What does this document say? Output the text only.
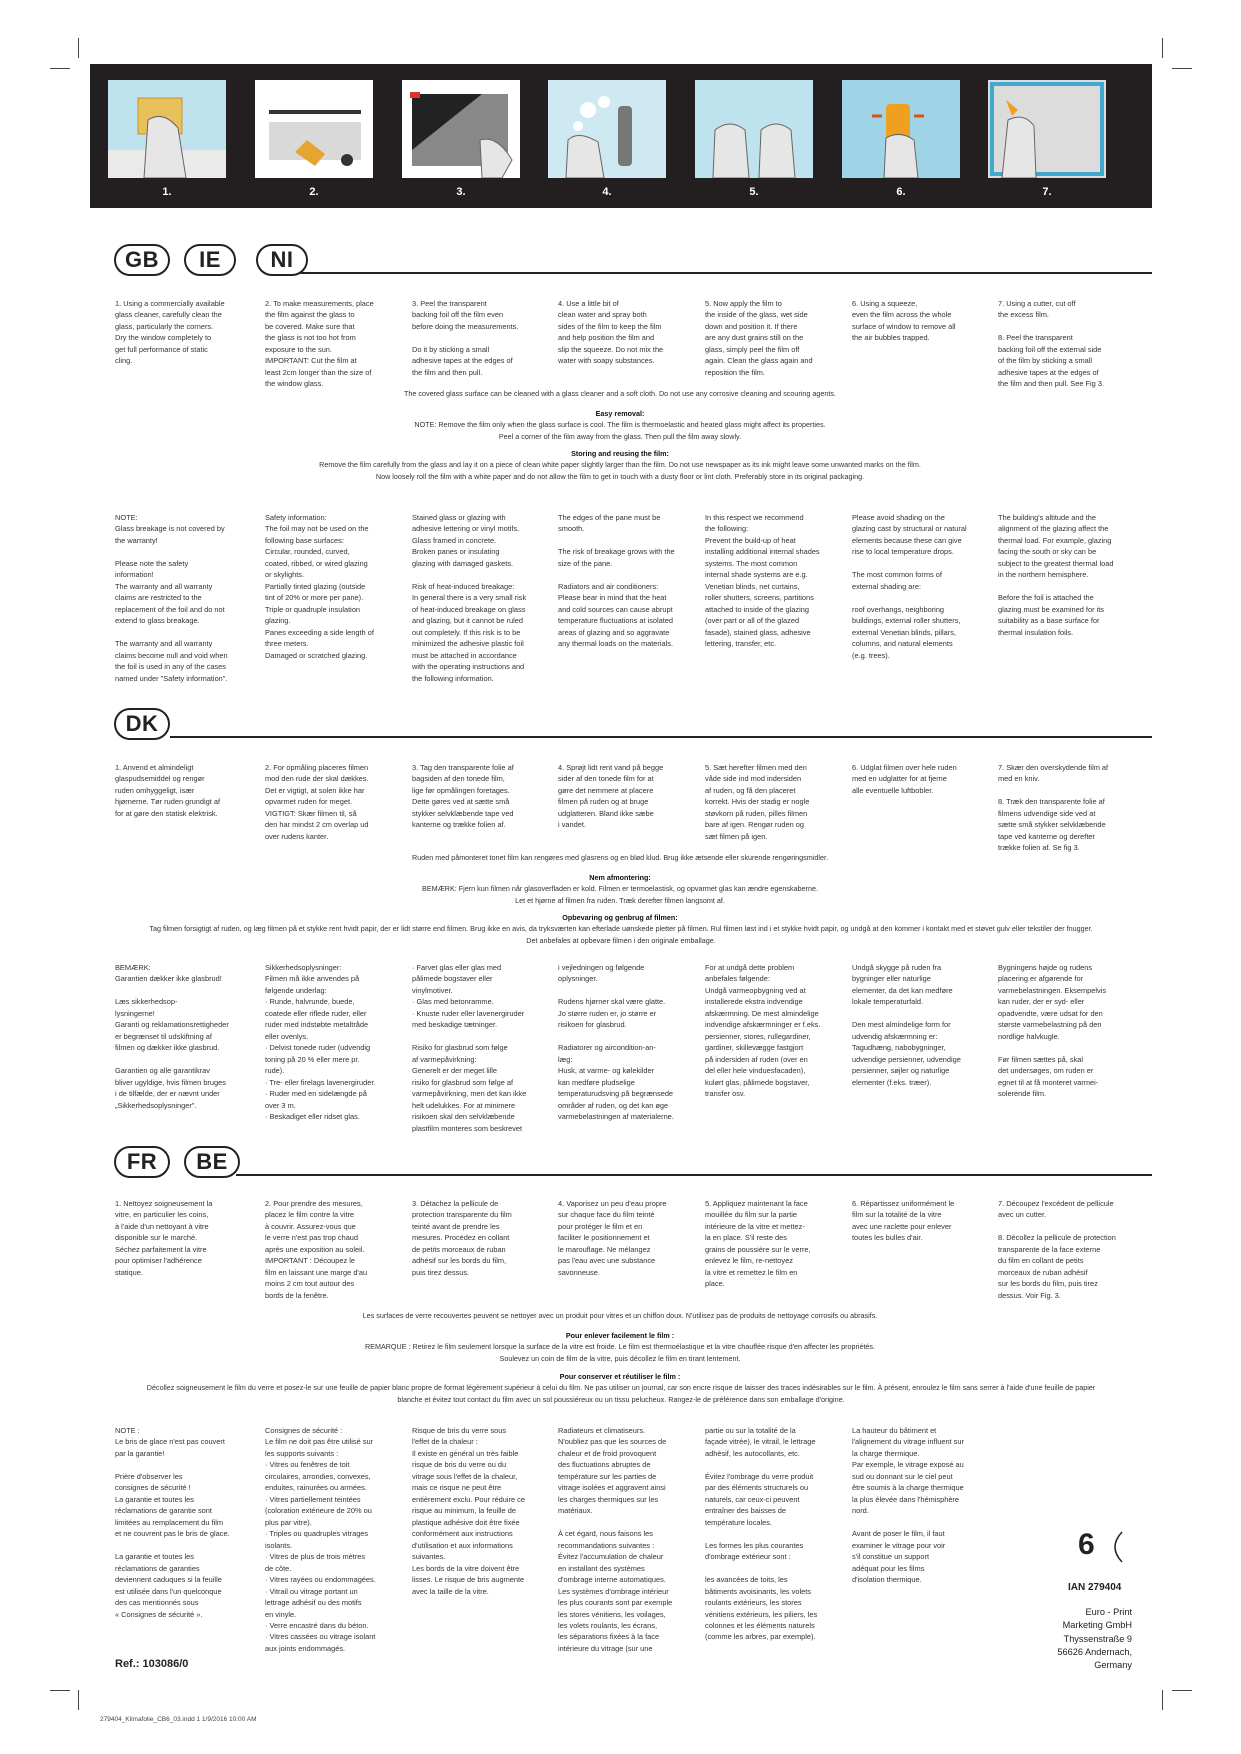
1.	2.	3.	4.	5.	6.	7.
GB	IE	NI
1. Using a commercially available
glass cleaner, carefully clean the
glass, particularly the corners.
Dry the window completely to
get full performance of static
cling.
2. To make measurements, place
the film against the glass to
be covered. Make sure that
the glass is not too hot from
exposure to the sun.
IMPORTANT: Cut the film at
least 2cm longer than the size of
the window glass.
3. Peel the transparent
backing foil off the film even
before doing the measurements.

Do it by sticking a small
adhesive tapes at the edges of
the film and then pull.
4. Use a little bit of
clean water and spray both
sides of the film to keep the film
and help position the film and
slip the squeeze. Do not mix the
water with soapy substances.
5. Now apply the film to
the inside of the glass, wet side
down and position it. If there
are any dust grains still on the
glass, simply peel the film off
again. Clean the glass again and
reposition the film.
6. Using a squeeze,
even the film across the whole
surface of window to remove all
the air bubbles trapped.
7. Using a cutter, cut off
the excess film.

8. Peel the transparent
backing foil off the external side
of the film by sticking a small
adhesive tapes at the edges of
the film and then pull. See Fig 3.
The covered glass surface can be cleaned with a glass cleaner and a soft cloth. Do not use any corrosive cleaning and scouring agents.
Easy removal:
NOTE: Remove the film only when the glass surface is cool. The film is thermoelastic and heated glass might affect its properties.
Peel a corner of the film away from the glass. Then pull the film away slowly.
Storing and reusing the film:
Remove the film carefully from the glass and lay it on a piece of clean white paper slightly larger than the film. Do not use newspaper as its ink might leave some unwanted marks on the film.
Now loosely roll the film with a white paper and do not allow the film to get in touch with a dusty floor or lint cloth. Preferably store in its original packaging.
NOTE:
Glass breakage is not covered by
the warranty!

Please note the safety
information!
The warranty and all warranty
claims are restricted to the
replacement of the foil and do not
extend to glass breakage.

The warranty and all warranty
claims become null and void when
the foil is used in any of the cases
named under "Safety information".
Safety information:
The foil may not be used on the
following base surfaces:
Circular, rounded, curved,
coated, ribbed, or wired glazing
or skylights.
Partially tinted glazing (outside
tint of 20% or more per pane).
Triple or quadruple insulation
glazing.
Panes exceeding a side length of
three meters.
Damaged or scratched glazing.
Stained glass or glazing with
adhesive lettering or vinyl motifs.
Glass framed in concrete.
Broken panes or insulating
glazing with damaged gaskets.

Risk of heat-induced breakage:
In general there is a very small risk
of heat-induced breakage on glass
and glazing, but it cannot be ruled
out completely. If this risk is to be
minimized the adhesive plastic foil
must be attached in accordance
with the operating instructions and
the following information.
The edges of the pane must be
smooth.

The risk of breakage grows with the
size of the pane.

Radiators and air conditioners:
Please bear in mind that the heat
and cold sources can cause abrupt
temperature fluctuations at isolated
areas of glazing and so aggravate
any thermal loads on the materials.
In this respect we recommend
the following:
Prevent the build-up of heat
installing additional internal shades
systems. The most common
internal shade systems are e.g.
Venetian blinds, net curtains,
roller shutters, screens, partitions
attached to inside of the glazing
(over part or all of the glazed
fasade), stained glass, adhesive
lettering, transfer, etc.
Please avoid shading on the
glazing cast by structural or natural
elements because these can give
rise to local temperature drops.

The most common forms of
external shading are:

roof overhangs, neighboring
buildings, external roller shutters,
external Venetian blinds, pillars,
columns, and natural elements
(e.g. trees).
The building's altitude and the
alignment of the glazing affect the
thermal load. For example, glazing
facing the south or sky can be
subject to the greatest thermal load
in the northern hemisphere.

Before the foil is attached the
glazing must be examined for its
suitability as a base surface for
thermal insulation foils.
DK
1. Anvend et almindeligt
glaspudsemiddel og rengør
ruden omhyggeligt, især
hjørnerne. Tør ruden grundigt af
for at gøre den statisk elektrisk.
2. For opmåling placeres filmen
mod den rude der skal dækkes.
Det er vigtigt, at solen ikke har
opvarmet ruden for meget.
VIGTIGT: Skær filmen til, så
den har mindst 2 cm overlap ud
over rudens kanter.
3. Tag den transparente folie af
bagsiden af den tonede film,
lige før opmålingen foretages.
Dette gøres ved at sætte små
stykker selvklæbende tape ved
kanterne og trække folien af.
4. Sprøjt lidt rent vand på begge
sider af den tonede film for at
gøre det nemmere at placere
filmen på ruden og at bruge
udglatteren. Bland ikke sæbe
i vandet.
5. Sæt herefter filmen med den
våde side ind mod indersiden
af ruden, og få den placeret
korrekt. Hvis der stadig er nogle
støvkorn på ruden, pilles filmen
bare af igen. Rengør ruden og
sæt filmen på igen.
6. Udglat filmen over hele ruden
med en udglatter for at fjerne
alle eventuelle luftbobler.
7. Skær den overskydende film af
med en kniv.

8. Træk den transparente folie af
filmens udvendige side ved at
sætte små stykker selvklæbende
tape ved kanterne og derefter
trække folien af. Se fig 3.
Ruden med påmonteret tonet film kan rengøres med glasrens og en blød klud. Brug ikke ætsende eller skurende rengøringsmidler.
Nem afmontering:
BEMÆRK: Fjern kun filmen når glasoverfladen er kold. Filmen er termoelastisk, og opvarmet glas kan ændre egenskaberne.
Let et hjørne af filmen fra ruden. Træk derefter filmen langsomt af.
Opbevaring og genbrug af filmen:
Tag filmen forsigtigt af ruden, og læg filmen på et stykke rent hvidt papir, der er lidt større end filmen. Brug ikke en avis, da tryksværten kan efterlade uønskede pletter på filmen. Rul filmen løst ind i et stykke hvidt papir, og undgå at den kommer i kontakt med et støvet gulv eller tekstiler der fnugger.
Det anbefales at opbevare filmen i den originale emballage.
BEMÆRK:
Garantien dækker ikke glasbrud!

Læs sikkerhedsop-
lysningerne!
Garanti og reklamationsrettigheder
er begrænset til udskiftning af
filmen og dækker ikke glasbrud.

Garantien og alle garantikrav
bliver ugyldige, hvis filmen bruges
i de tilfælde, der er nævnt under
„Sikkerhedsoplysninger".
Sikkerhedsoplysninger:
Filmen må ikke anvendes på
følgende underlag:
· Runde, halvrunde, buede,
coatede eller riflede ruder, eller
ruder med indstøbte metaltråde
eller ovenlys.
· Delvist tonede ruder (udvendig
toning på 20 % eller mere pr.
rude).
· Tre- eller firelags lavenergiruder.
· Ruder med en sidelængde på
over 3 m.
· Beskadiget eller ridset glas.
· Farvet glas eller glas med
pålimede bogstaver eller
vinylmotiver.
· Glas med betonramme.
· Knuste ruder eller lavenergiruder
med beskadige tætninger.

Risiko for glasbrud som følge
af varmepåvirkning:
Generelt er der meget lille
risiko for glasbrud som følge af
varmepåvirkning, men det kan ikke
helt udelukkes. For at minimere
risikoen skal den selvklæbende
plastfilm monteres som beskrevet
i vejledningen og følgende
oplysninger.

Rudens hjørner skal være glatte.
Jo større ruden er, jo større er
risikoen for glasbrud.

Radiatorer og aircondition-an-
læg:
Husk, at varme- og kølekilder
kan medføre pludselige
temperaturudsving på begrænsede
områder af ruden, og det kan øge
varmebelastningen af materialerne.
For at undgå dette problem
anbefales følgende:
Undgå varmeopbygning ved at
installerede ekstra indvendige
afskærmning. De mest almindelige
indvendige afskærmninger er f.eks.
persienner, stores, rullegardiner,
gardiner, skillevægge fastgjort
på indersiden af ruden (over en
del eller hele vinduesfacaden),
kulørt glas, pålimede bogstaver,
transfer osv.
Undgå skygge på ruden fra
bygninger eller naturlige
elementer, da det kan medføre
lokale temperaturfald.

Den mest almindelige form for
udvendig afskærmning er:
Tagudhæng, nabobygninger,
udvendige persienner, udvendige
persienner, søjler og naturlige
elementer (f.eks. træer).
Bygningens højde og rudens
placering er afgørende for
varmebelastningen. Eksempelvis
kan ruder, der er syd- eller
opadvendte, være udsat for den
største varmebelastning på den
nordlige halvkugle.

Før filmen sættes på, skal
det undersøges, om ruden er
egnet til at få monteret varmei-
solerende film.
FR	BE
1. Nettoyez soigneusement la
vitre, en particulier les coins,
à l'aide d'un nettoyant à vitre
disponible sur le marché.
Séchez parfaitement la vitre
pour optimiser l'adhérence
statique.
2. Pour prendre des mesures,
placez le film contre la vitre
à couvrir. Assurez-vous que
le verre n'est pas trop chaud
après une exposition au soleil.
IMPORTANT : Découpez le
film en laissant une marge d'au
moins 2 cm tout autour des
bords de la fenêtre.
3. Détachez la pellicule de
protection transparente du film
teinté avant de prendre les
mesures. Procédez en collant
de petits morceaux de ruban
adhésif sur les bords du film,
puis tirez dessus.
4. Vaporisez un peu d'eau propre
sur chaque face du film teinté
pour protéger le film et en
faciliter le positionnement et
le marouflage. Ne mélangez
pas l'eau avec une substance
savonneuse.
5. Appliquez maintenant la face
mouillée du film sur la partie
intérieure de la vitre et mettez-
la en place. S'il reste des
grains de poussière sur le verre,
enlevez le film, re-nettoyez
la vitre et remettez le film en
place.
6. Répartissez uniformément le
film sur la totalité de la vitre
avec une raclette pour enlever
toutes les bulles d'air.
7. Découpez l'excédent de pellicule
avec un cutter.

8. Décollez la pellicule de protection
transparente de la face externe
du film en collant de petits
morceaux de ruban adhésif
sur les bords du film, puis tirez
dessus. Voir Fig. 3.
Les surfaces de verre recouvertes peuvent se nettoyer avec un produit pour vitres et un chiffon doux. N'utilisez pas de produits de nettoyage corrosifs ou abrasifs.
Pour enlever facilement le film :
REMARQUE : Retirez le film seulement lorsque la surface de la vitre est froide. Le film est thermoélastique et la vitre chauffée risque d'en affecter les propriétés.
Soulevez un coin de film de la vitre, puis décollez le film en tirant lentement.
Pour conserver et réutiliser le film :
Décollez soigneusement le film du verre et posez-le sur une feuille de papier blanc propre de format légèrement supérieur à celui du film. Ne pas utiliser un journal, car son encre risque de laisser des traces indésirables sur le film. À présent, enroulez le film sans serrer à l'aide d'une feuille de papier
blanche et évitez tout contact du film avec un sol poussiéreux ou un tissu pelucheux. Rangez-le de préférence dans son emballage d'origine.
NOTE :
Le bris de glace n'est pas couvert
par la garantie!

Prière d'observer les
consignes de sécurité !
La garantie et toutes les
réclamations de garantie sont
limitées au remplacement du film
et ne couvrent pas le bris de glace.

La garantie et toutes les
réclamations de garanties
deviennent caduques si la feuille
est utilisée dans l'un quelconque
des cas mentionnés sous
« Consignes de sécurité ».
Consignes de sécurité :
Le film ne doit pas être utilisé sur
les supports suivants :
· Vitres ou fenêtres de toit
circulaires, arrondies, convexes,
enduites, rainurées ou armées.
· Vitres partiellement teintées
(coloration extérieure de 20% ou
plus par vitre).
· Triples ou quadruples vitrages
isolants.
· Vitres de plus de trois mètres
de côte.
· Vitres rayées ou endommagées.
· Vitrail ou vitrage portant un
lettrage adhésif ou des motifs
en vinyle.
· Verre encastré dans du béton.
· Vitres cassées ou vitrage isolant
aux joints endommagés.
Risque de bris du verre sous
l'effet de la chaleur :
Il existe en général un très faible
risque de bris du verre ou du
vitrage sous l'effet de la chaleur,
mais ce risque ne peut être
entièrement exclu. Pour réduire ce
risque au minimum, la feuille de
plastique adhésive doit être fixée
conformément aux instructions
d'utilisation et aux informations
suivantes.
Les bords de la vitre doivent être
lisses. Le risque de bris augmente
avec la taille de la vitre.
Radiateurs et climatiseurs.
N'oubliez pas que les sources de
chaleur et de froid provoquent
des fluctuations abruptes de
température sur les parties de
vitrage isolées et aggravent ainsi
les charges thermiques sur les
matériaux.

À cet égard, nous faisons les
recommandations suivantes :
Évitez l'accumulation de chaleur
en installant des systèmes
d'ombrage interne automatiques.
Les systèmes d'ombrage intérieur
les plus courants sont par exemple
les stores vénitiens, les voilages,
les volets roulants, les écrans,
les séparations fixées à la face
intérieure du vitrage (sur une
partie ou sur la totalité de la
façade vitrée), le vitrail, le lettrage
adhésif, les autocollants, etc.

Évitez l'ombrage du verre produit
par des éléments structurels ou
naturels, car ceux-ci peuvent
entraîner des baisses de
température locales.

Les formes les plus courantes
d'ombrage extérieur sont :

les avancées de toits, les
bâtiments avoisinants, les volets
roulants extérieurs, les stores
vénitiens extérieurs, les piliers, les
colonnes et les éléments naturels
(comme les arbres, par exemple).
La hauteur du bâtiment et
l'alignement du vitrage influent sur
la charge thermique.
Par exemple, le vitrage exposé au
sud ou donnant sur le ciel peut
être soumis à la charge thermique
la plus élevée dans l'hémisphère
nord.

Avant de poser le film, il faut
examiner le vitrage pour voir
s'il constitue un support
adéquat pour les films
d'isolation thermique.
6
IAN 279404
Euro - Print
Marketing GmbH
Thyssenstraße 9
56626 Andernach,
Germany
Ref.: 103086/0
279404_Klimafolie_CB6_03.indd 1 1/9/2016 10:00 AM
